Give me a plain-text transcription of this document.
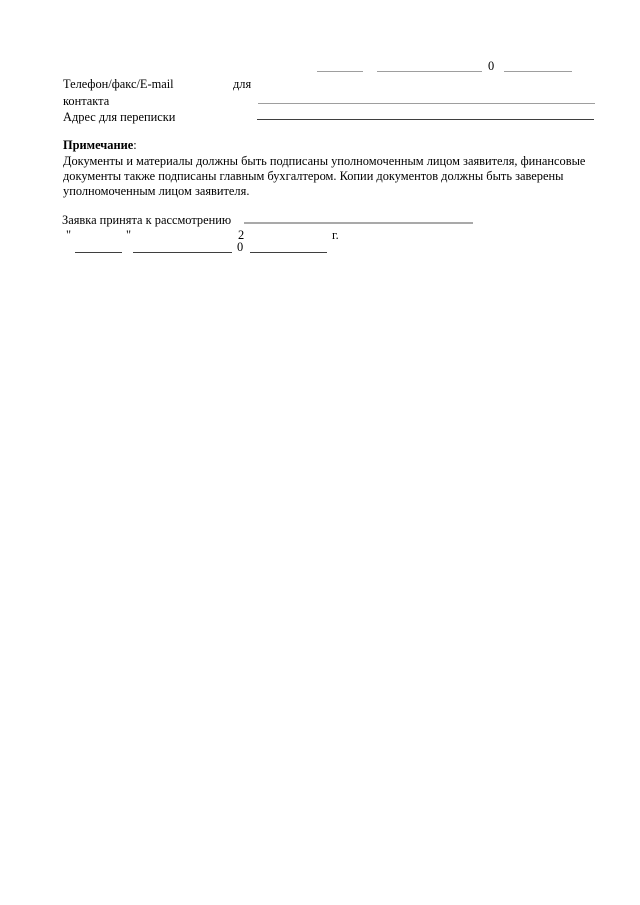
0
Телефон/факс/E-mail	для
контакта
Адрес для переписки
Примечание:
Документы и материалы должны быть подписаны уполномоченным лицом заявителя, финансовые
документы также подписаны главным бухгалтером. Копии документов должны быть заверены
уполномоченным лицом заявителя.
Заявка принята к рассмотрению
"	"	2	г.
0
